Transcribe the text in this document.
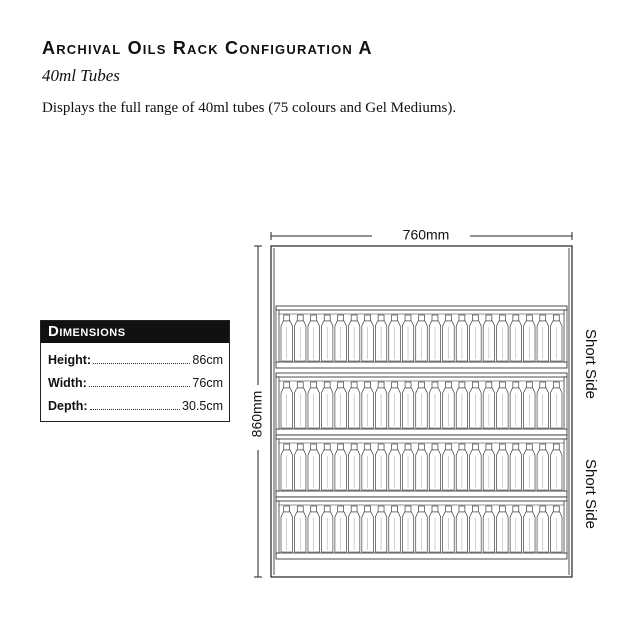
Archival Oils Rack Configuration A

40ml Tubes

Displays the full range of 40ml tubes (75 colours and Gel Mediums).

Dimensions
Height:	86cm
Width:	76cm
Depth:	30.5cm
760mm
860mm
Short Side
Short Side
